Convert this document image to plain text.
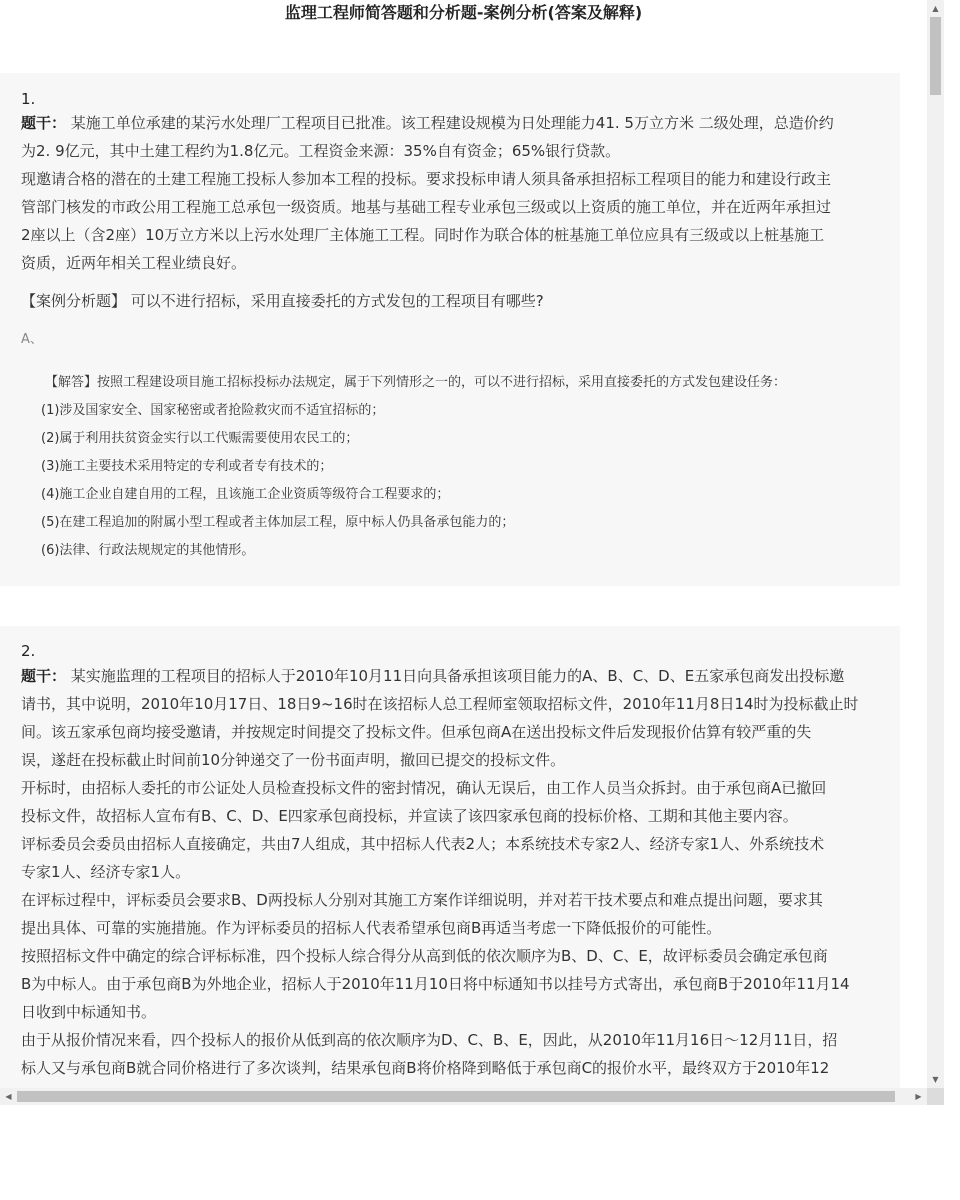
监理工程师简答题和分析题-案例分析(答案及解释)
1.
题干： 某施工单位承建的某污水处理厂工程项目已批准。该工程建设规模为日处理能力41. 5万立方米 二级处理，总造价约
为2. 9亿元，其中土建工程约为1.8亿元。工程资金来源：35%自有资金；65%银行贷款。
现邀请合格的潜在的土建工程施工投标人参加本工程的投标。要求投标申请人须具备承担招标工程项目的能力和建设行政主
管部门核发的市政公用工程施工总承包一级资质。地基与基础工程专业承包三级或以上资质的施工单位，并在近两年承担过
2座以上（含2座）10万立方米以上污水处理厂主体施工工程。同时作为联合体的桩基施工单位应具有三级或以上桩基施工
资质，近两年相关工程业绩良好。
【案例分析题】 可以不进行招标，采用直接委托的方式发包的工程项目有哪些?
A、
【解答】按照工程建设项目施工招标投标办法规定，属于下列情形之一的，可以不进行招标，采用直接委托的方式发包建设任务：
(1)涉及国家安全、国家秘密或者抢险救灾而不适宜招标的；
(2)属于利用扶贫资金实行以工代赈需要使用农民工的；
(3)施工主要技术采用特定的专利或者专有技术的；
(4)施工企业自建自用的工程，且该施工企业资质等级符合工程要求的；
(5)在建工程追加的附属小型工程或者主体加层工程，原中标人仍具备承包能力的；
(6)法律、行政法规规定的其他情形。
2.
题干： 某实施监理的工程项目的招标人于2010年10月11日向具备承担该项目能力的A、B、C、D、E五家承包商发出投标邀
请书，其中说明，2010年10月17日、18日9~16时在该招标人总工程师室领取招标文件，2010年11月8日14时为投标截止时
间。该五家承包商均接受邀请，并按规定时间提交了投标文件。但承包商A在送出投标文件后发现报价估算有较严重的失
误，遂赶在投标截止时间前10分钟递交了一份书面声明，撤回已提交的投标文件。
开标时，由招标人委托的市公证处人员检查投标文件的密封情况，确认无误后，由工作人员当众拆封。由于承包商A已撤回
投标文件，故招标人宣布有B、C、D、E四家承包商投标，并宣读了该四家承包商的投标价格、工期和其他主要内容。
评标委员会委员由招标人直接确定，共由7人组成，其中招标人代表2人；本系统技术专家2人、经济专家1人、外系统技术
专家1人、经济专家1人。
在评标过程中，评标委员会要求B、D两投标人分别对其施工方案作详细说明，并对若干技术要点和难点提出问题，要求其
提出具体、可靠的实施措施。作为评标委员的招标人代表希望承包商B再适当考虑一下降低报价的可能性。
按照招标文件中确定的综合评标标准，四个投标人综合得分从高到低的依次顺序为B、D、C、E，故评标委员会确定承包商
B为中标人。由于承包商B为外地企业，招标人于2010年11月10日将中标通知书以挂号方式寄出，承包商B于2010年11月14
日收到中标通知书。
由于从报价情况来看，四个投标人的报价从低到高的依次顺序为D、C、B、E，因此，从2010年11月16日～12月11日，招
标人又与承包商B就合同价格进行了多次谈判，结果承包商B将价格降到略低于承包商C的报价水平，最终双方于2010年12
▲
▼
◀	▶
